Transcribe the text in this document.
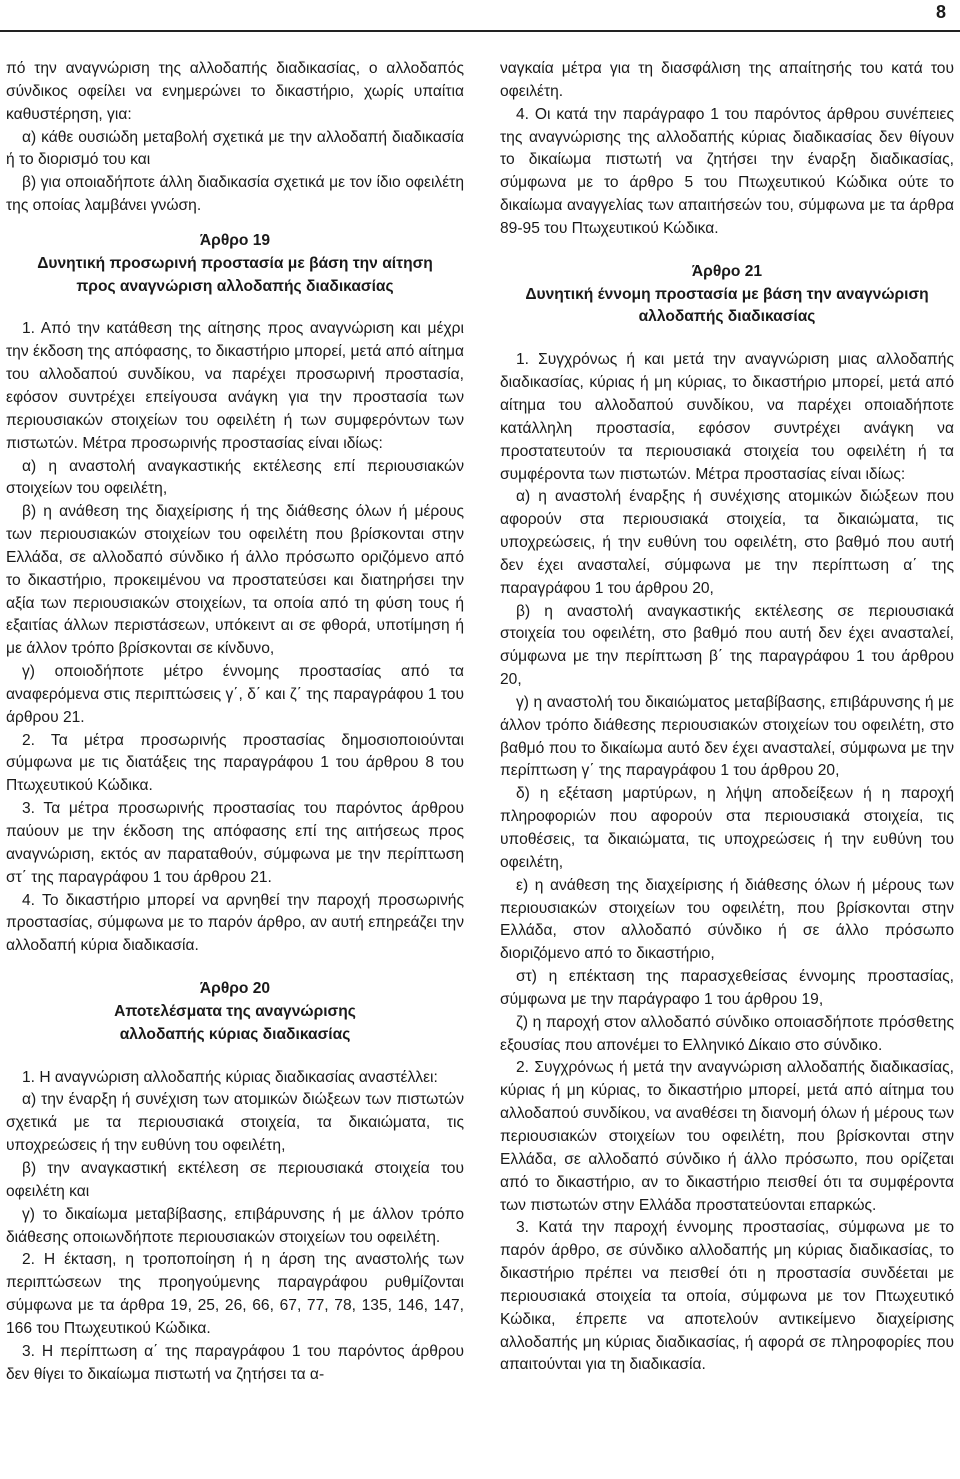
8

πό την αναγνώριση της αλλοδαπής διαδικασίας, ο αλλοδαπός σύνδικος οφείλει να ενημερώνει το δικαστήριο, χωρίς υπαίτια καθυστέρηση, για:

α) κάθε ουσιώδη μεταβολή σχετικά με την αλλοδαπή διαδικασία ή το διορισμό του και

β) για οποιαδήποτε άλλη διαδικασία σχετικά με τον ίδιο οφειλέτη της οποίας λαμβάνει γνώση.

Άρθρο 19

Δυνητική προσωρινή προστασία με βάση την αίτηση

προς αναγνώριση αλλοδαπής διαδικασίας

1. Από την κατάθεση της αίτησης προς αναγνώριση και μέχρι την έκδοση της απόφασης, το δικαστήριο μπορεί, μετά από αίτημα του αλλοδαπού συνδίκου, να παρέχει προσωρινή προστασία, εφόσον συντρέχει επείγουσα ανάγκη για την προστασία των περιουσιακών στοιχείων του οφειλέτη ή των συμφερόντων των πιστωτών. Μέτρα προσωρινής προστασίας είναι ιδίως:

α) η αναστολή αναγκαστικής εκτέλεσης επί περιουσιακών στοιχείων του οφειλέτη,

β) η ανάθεση της διαχείρισης ή της διάθεσης όλων ή μέρους των περιουσιακών στοιχείων του οφειλέτη που βρίσκονται στην Ελλάδα, σε αλλοδαπό σύνδικο ή άλλο πρόσωπο οριζόμενο από το δικαστήριο, προκειμένου να προστατεύσει και διατηρήσει την αξία των περιουσιακών στοιχείων, τα οποία από τη φύση τους ή εξαιτίας άλλων περιστάσεων, υπόκειντ αι σε φθορά, υποτίμηση ή με άλλον τρόπο βρίσκονται σε κίνδυνο,

γ) οποιοδήποτε μέτρο έννομης προστασίας από τα αναφερόμενα στις περιπτώσεις γ΄, δ΄ και ζ΄ της παραγράφου 1 του άρθρου 21.

2. Τα μέτρα προσωρινής προστασίας δημοσιοποιούνται σύμφωνα με τις διατάξεις της παραγράφου 1 του άρθρου 8 του Πτωχευτικού Κώδικα.

3. Τα μέτρα προσωρινής προστασίας του παρόντος άρθρου παύουν με την έκδοση της απόφασης επί της αιτήσεως προς αναγνώριση, εκτός αν παραταθούν, σύμφωνα με την περίπτωση στ΄ της παραγράφου 1 του άρθρου 21.

4. Το δικαστήριο μπορεί να αρνηθεί την παροχή προσωρινής προστασίας, σύμφωνα με το παρόν άρθρο, αν αυτή επηρεάζει την αλλοδαπή κύρια διαδικασία.

Άρθρο 20

Αποτελέσματα της αναγνώρισης

αλλοδαπής κύριας διαδικασίας

1. Η αναγνώριση αλλοδαπής κύριας διαδικασίας αναστέλλει:

α) την έναρξη ή συνέχιση των ατομικών διώξεων των πιστωτών σχετικά με τα περιουσιακά στοιχεία, τα δικαιώματα, τις υποχρεώσεις ή την ευθύνη του οφειλέτη,

β) την αναγκαστική εκτέλεση σε περιουσιακά στοιχεία του οφειλέτη και

γ) το δικαίωμα μεταβίβασης, επιβάρυνσης ή με άλλον τρόπο διάθεσης οποιωνδήποτε περιουσιακών στοιχείων του οφειλέτη.

2. Η έκταση, η τροποποίηση ή η άρση της αναστολής των περιπτώσεων της προηγούμενης παραγράφου ρυθμίζονται σύμφωνα με τα άρθρα 19, 25, 26, 66, 67, 77, 78, 135, 146, 147, 166 του Πτωχευτικού Κώδικα.

3. Η περίπτωση α΄ της παραγράφου 1 του παρόντος άρθρου δεν θίγει το δικαίωμα πιστωτή να ζητήσει τα α-

ναγκαία μέτρα για τη διασφάλιση της απαίτησής του κατά του οφειλέτη.

4. Οι κατά την παράγραφο 1 του παρόντος άρθρου συνέπειες της αναγνώρισης της αλλοδαπής κύριας διαδικασίας δεν θίγουν το δικαίωμα πιστωτή να ζητήσει την έναρξη διαδικασίας, σύμφωνα με το άρθρο 5 του Πτωχευτικού Κώδικα ούτε το δικαίωμα αναγγελίας των απαιτήσεών του, σύμφωνα με τα άρθρα 89-95 του Πτωχευτικού Κώδικα.

Άρθρο 21

Δυνητική έννομη προστασία με βάση την αναγνώριση

αλλοδαπής διαδικασίας

1. Συγχρόνως ή και μετά την αναγνώριση μιας αλλοδαπής διαδικασίας, κύριας ή μη κύριας, το δικαστήριο μπορεί, μετά από αίτημα του αλλοδαπού συνδίκου, να παρέχει οποιαδήποτε κατάλληλη προστασία, εφόσον συντρέχει ανάγκη να προστατευτούν τα περιουσιακά στοιχεία του οφειλέτη ή τα συμφέροντα των πιστωτών. Μέτρα προστασίας είναι ιδίως:

α) η αναστολή έναρξης ή συνέχισης ατομικών διώξεων που αφορούν στα περιουσιακά στοιχεία, τα δικαιώματα, τις υποχρεώσεις, ή την ευθύνη του οφειλέτη, στο βαθμό που αυτή δεν έχει ανασταλεί, σύμφωνα με την περίπτωση α΄ της παραγράφου 1 του άρθρου 20,

β) η αναστολή αναγκαστικής εκτέλεσης σε περιουσιακά στοιχεία του οφειλέτη, στο βαθμό που αυτή δεν έχει ανασταλεί, σύμφωνα με την περίπτωση β΄ της παραγράφου 1 του άρθρου 20,

γ) η αναστολή του δικαιώματος μεταβίβασης, επιβάρυνσης ή με άλλον τρόπο διάθεσης περιουσιακών στοιχείων του οφειλέτη, στο βαθμό που το δικαίωμα αυτό δεν έχει ανασταλεί, σύμφωνα με την περίπτωση γ΄ της παραγράφου 1 του άρθρου 20,

δ) η εξέταση μαρτύρων, η λήψη αποδείξεων ή η παροχή πληροφοριών που αφορούν στα περιουσιακά στοιχεία, τις υποθέσεις, τα δικαιώματα, τις υποχρεώσεις ή την ευθύνη του οφειλέτη,

ε) η ανάθεση της διαχείρισης ή διάθεσης όλων ή μέρους των περιουσιακών στοιχείων του οφειλέτη, που βρίσκονται στην Ελλάδα, στον αλλοδαπό σύνδικο ή σε άλλο πρόσωπο διοριζόμενο από το δικαστήριο,

στ) η επέκταση της παρασχεθείσας έννομης προστασίας, σύμφωνα με την παράγραφο 1 του άρθρου 19,

ζ) η παροχή στον αλλοδαπό σύνδικο οποιασδήποτε πρόσθετης εξουσίας που απονέμει το Ελληνικό Δίκαιο στο σύνδικο.

2. Συγχρόνως ή μετά την αναγνώριση αλλοδαπής διαδικασίας, κύριας ή μη κύριας, το δικαστήριο μπορεί, μετά από αίτημα του αλλοδαπού συνδίκου, να αναθέσει τη διανομή όλων ή μέρους των περιουσιακών στοιχείων του οφειλέτη, που βρίσκονται στην Ελλάδα, σε αλλοδαπό σύνδικο ή άλλο πρόσωπο, που ορίζεται από το δικαστήριο, αν το δικαστήριο πεισθεί ότι τα συμφέροντα των πιστωτών στην Ελλάδα προστατεύονται επαρκώς.

3. Κατά την παροχή έννομης προστασίας, σύμφωνα με το παρόν άρθρο, σε σύνδικο αλλοδαπής μη κύριας διαδικασίας, το δικαστήριο πρέπει να πεισθεί ότι η προστασία συνδέεται με περιουσιακά στοιχεία τα οποία, σύμφωνα με τον Πτωχευτικό Κώδικα, έπρεπε να αποτελούν αντικείμενο διαχείρισης αλλοδαπής μη κύριας διαδικασίας, ή αφορά σε πληροφορίες που απαιτούνται για τη διαδικασία.
